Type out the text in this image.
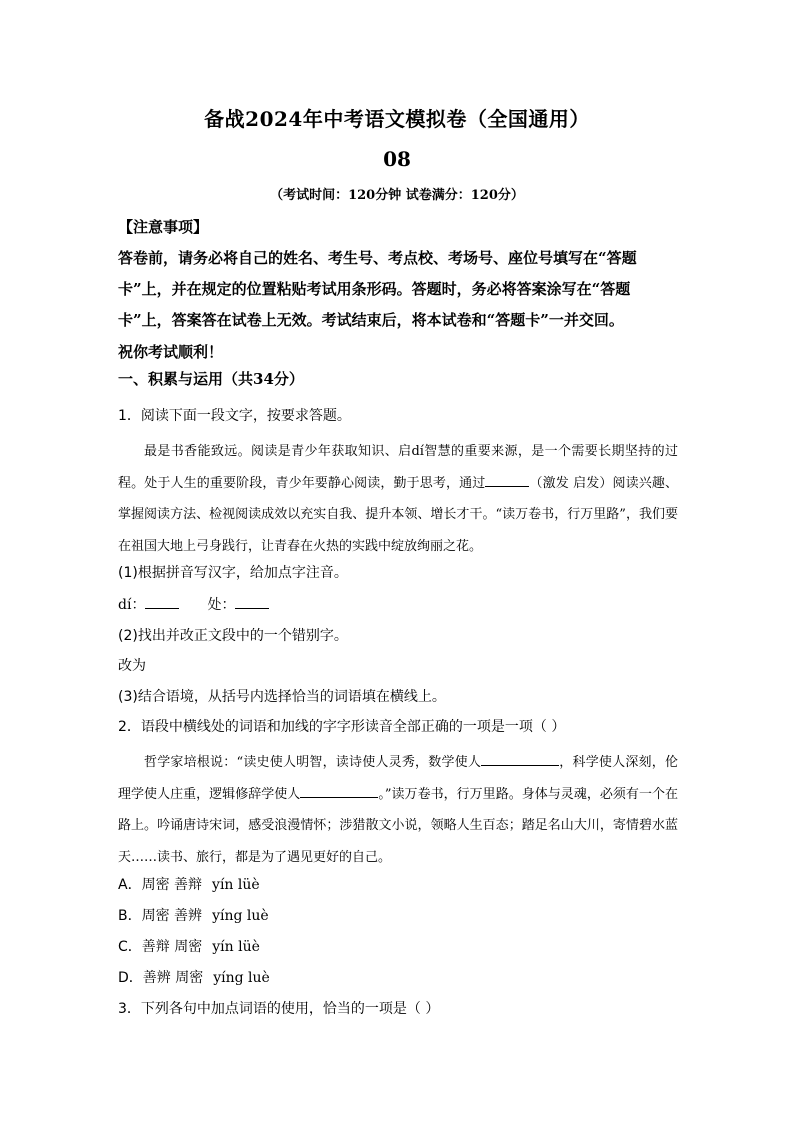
备战2024年中考语文模拟卷（全国通用）
08
（考试时间：120分钟 试卷满分：120分）
【注意事项】
答卷前，请务必将自己的姓名、考生号、考点校、考场号、座位号填写在“答题卡”上，并在规定的位置粘贴考试用条形码。答题时，务必将答案涂写在“答题卡”上，答案答在试卷上无效。考试结束后，将本试卷和“答题卡”一并交回。
祝你考试顺利！
一、积累与运用（共34分）
1．阅读下面一段文字，按要求答题。
最是书香能致远。阅读是青少年获取知识、启dí智慧的重要来源，是一个需要长期坚持的过程。处于人生的重要阶段，青少年要静心阅读，勤于思考，通过	（激发 启发）阅读兴趣、掌握阅读方法、检视阅读成效以充实自我、提升本领、增长才干。“读万卷书，行万里路”，我们要在祖国大地上弓身践行，让青春在火热的实践中绽放绚丽之花。
(1)根据拼音写汉字，给加点字注音。
dí：	处：
(2)找出并改正文段中的一个错别字。
改为
(3)结合语境，从括号内选择恰当的词语填在横线上。
2．语段中横线处的词语和加线的字字形读音全部正确的一项是一项（ ）
哲学家培根说：“读史使人明智，读诗使人灵秀，数学使人	，科学使人深刻，伦理学使人庄重，逻辑修辞学使人	。”读万卷书，行万里路。身体与灵魂，必须有一个在路上。吟诵唐诗宋词，感受浪漫情怀；涉猎散文小说，领略人生百态；踏足名山大川，寄情碧水蓝天……读书、旅行，都是为了遇见更好的自己。
A．周密 善辩 yín lüè
B．周密 善辨 yíng luè
C．善辩 周密 yín lüè
D．善辨 周密 yíng luè
3．下列各句中加点词语的使用，恰当的一项是（ ）
